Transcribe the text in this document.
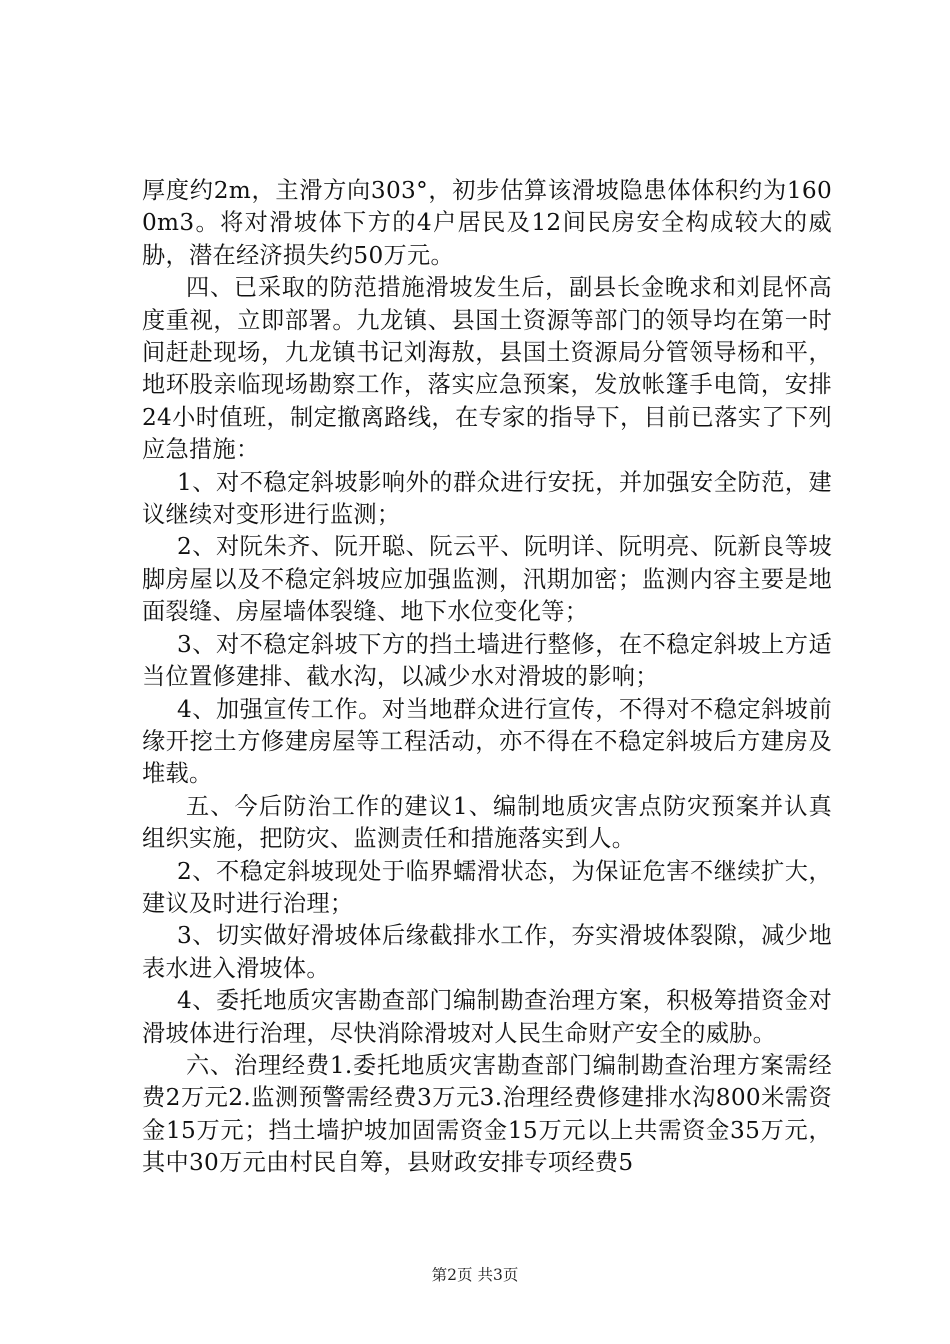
厚度约2m，主滑方向303°，初步估算该滑坡隐患体体积约为1600m3。将对滑坡体下方的4户居民及12间民房安全构成较大的威胁，潜在经济损失约50万元。

四、已采取的防范措施滑坡发生后，副县长金晚求和刘昆怀高度重视，立即部署。九龙镇、县国土资源等部门的领导均在第一时间赶赴现场，九龙镇书记刘海敖，县国土资源局分管领导杨和平，地环股亲临现场勘察工作，落实应急预案，发放帐篷手电筒，安排24小时值班，制定撤离路线，在专家的指导下，目前已落实了下列应急措施：

1、对不稳定斜坡影响外的群众进行安抚，并加强安全防范，建议继续对变形进行监测；

2、对阮朱齐、阮开聪、阮云平、阮明详、阮明亮、阮新良等坡脚房屋以及不稳定斜坡应加强监测，汛期加密；监测内容主要是地面裂缝、房屋墙体裂缝、地下水位变化等；

3、对不稳定斜坡下方的挡土墙进行整修，在不稳定斜坡上方适当位置修建排、截水沟，以减少水对滑坡的影响；

4、加强宣传工作。对当地群众进行宣传，不得对不稳定斜坡前缘开挖土方修建房屋等工程活动，亦不得在不稳定斜坡后方建房及堆载。

五、今后防治工作的建议1、编制地质灾害点防灾预案并认真组织实施，把防灾、监测责任和措施落实到人。

2、不稳定斜坡现处于临界蠕滑状态，为保证危害不继续扩大，建议及时进行治理；

3、切实做好滑坡体后缘截排水工作，夯实滑坡体裂隙，减少地表水进入滑坡体。

4、委托地质灾害勘查部门编制勘查治理方案，积极筹措资金对滑坡体进行治理，尽快消除滑坡对人民生命财产安全的威胁。

六、治理经费1.委托地质灾害勘查部门编制勘查治理方案需经费2万元2.监测预警需经费3万元3.治理经费修建排水沟800米需资金15万元；挡土墙护坡加固需资金15万元以上共需资金35万元，其中30万元由村民自筹，县财政安排专项经费5

第2页 共3页
